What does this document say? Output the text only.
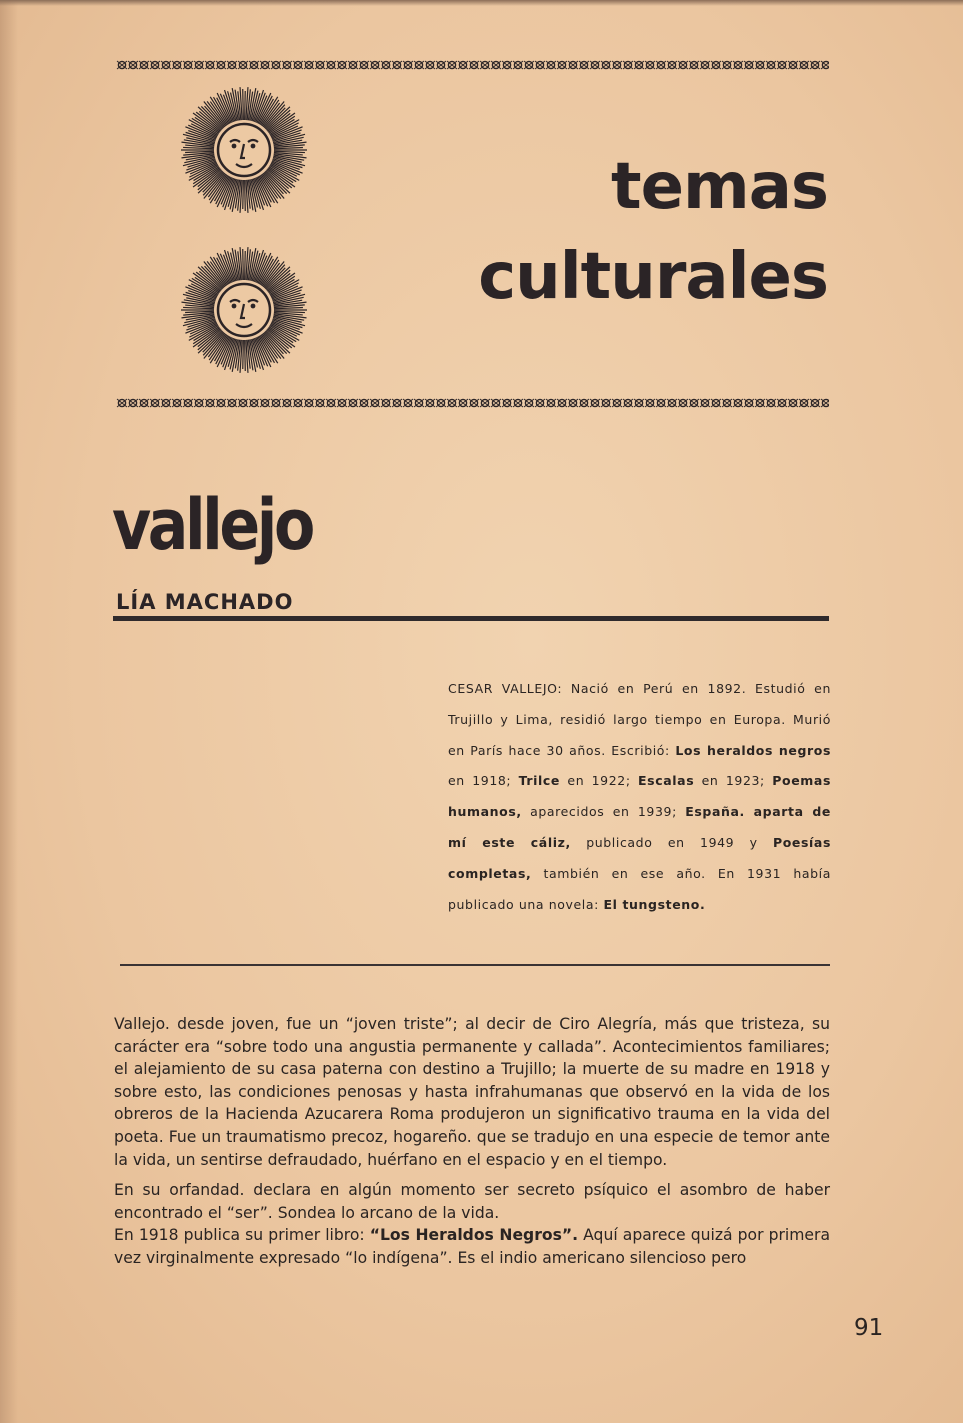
temas
culturales
vallejo
LÍA MACHADO
CESAR VALLEJO: Nació en Perú en 1892. Estudió en Trujillo y Lima, residió largo tiempo en Europa. Murió en París hace 30 años. Escribió: Los heraldos negros en 1918; Trilce en 1922; Escalas en 1923; Poemas humanos, aparecidos en 1939; España. aparta de mí este cáliz, publicado en 1949 y Poesías completas, también en ese año. En 1931 había publicado una novela: El tungsteno.

Vallejo. desde joven, fue un “joven triste”; al decir de Ciro Alegría, más que tristeza, su carácter era “sobre todo una angustia permanente y callada”. Acontecimientos familiares; el alejamiento de su casa paterna con destino a Trujillo; la muerte de su madre en 1918 y sobre esto, las condiciones penosas y hasta infrahumanas que observó en la vida de los obreros de la Hacienda Azucarera Roma produjeron un significativo trauma en la vida del poeta. Fue un traumatismo precoz, hogareño. que se tradujo en una especie de temor ante la vida, un sentirse defraudado, huérfano en el espacio y en el tiempo.

En su orfandad. declara en algún momento ser secreto psíquico el asombro de haber encontrado el “ser”. Sondea lo arcano de la vida.

En 1918 publica su primer libro: “Los Heraldos Negros”. Aquí aparece quizá por primera vez virginalmente expresado “lo indígena”. Es el indio americano silencioso pero

91
